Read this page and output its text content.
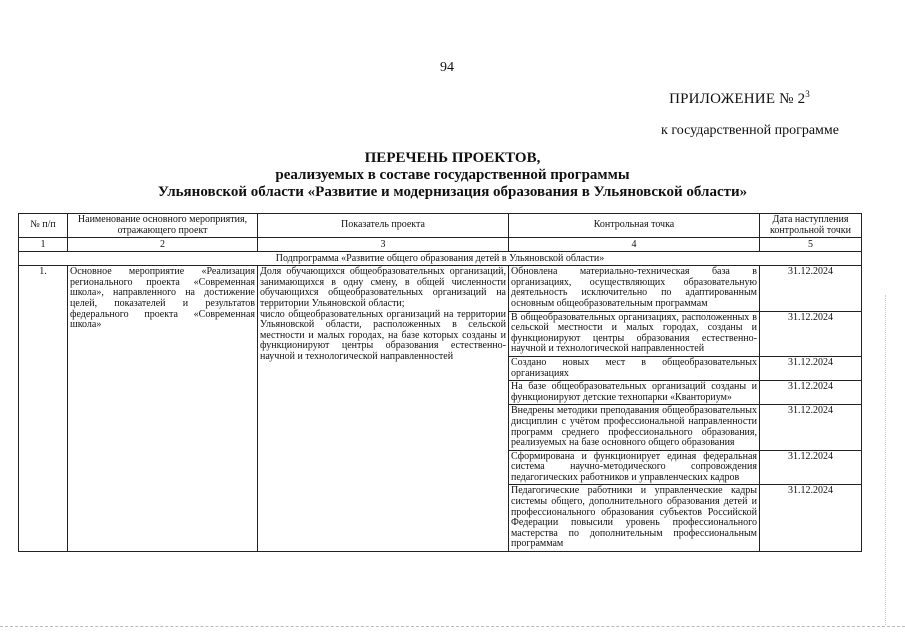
94
ПРИЛОЖЕНИЕ № $2^3$
к государственной программе
ПЕРЕЧЕНЬ ПРОЕКТОВ,
реализуемых в составе государственной программы
Ульяновской области «Развитие и модернизация образования в Ульяновской области»
№ п/п	Наименование основного мероприятия, отражающего проект	Показатель проекта	Контрольная точка	Дата наступления контрольной точки
1	2	3	4	5
Подпрограмма «Развитие общего образования детей в Ульяновской области»				
1.	Основное мероприятие «Реализация регионального проекта «Современная школа», направленного на достижение целей, показателей и результатов федерального проекта «Современная школа»	Доля обучающихся общеобразовательных организаций, занимающихся в одну смену, в общей численности обучающихся общеобразовательных организаций на территории Ульяновской области;
число общеобразовательных организаций на территории Ульяновской области, расположенных в сельской местности и малых городах, на базе которых созданы и функционируют центры образования естественно-научной и технологической направленностей	Обновлена материально-техническая база в организациях, осуществляющих образовательную деятельность исключительно по адаптированным основным общеобразовательным программам	31.12.2024
			В общеобразовательных организациях, расположенных в сельской местности и малых городах, созданы и функционируют центры образования естественно-научной и технологической направленностей	31.12.2024
			Создано новых мест в общеобразовательных организациях	31.12.2024
			На базе общеобразовательных организаций созданы и функционируют детские технопарки «Кванториум»	31.12.2024
			Внедрены методики преподавания общеобразовательных дисциплин с учётом профессиональной направленности программ среднего профессионального образования, реализуемых на базе основного общего образования	31.12.2024
			Сформирована и функционирует единая федеральная система научно-методического сопровождения педагогических работников и управленческих кадров	31.12.2024
			Педагогические работники и управленческие кадры системы общего, дополнительного образования детей и профессионального образования субъектов Российской Федерации повысили уровень профессионального мастерства по дополнительным профессиональным программам	31.12.2024
